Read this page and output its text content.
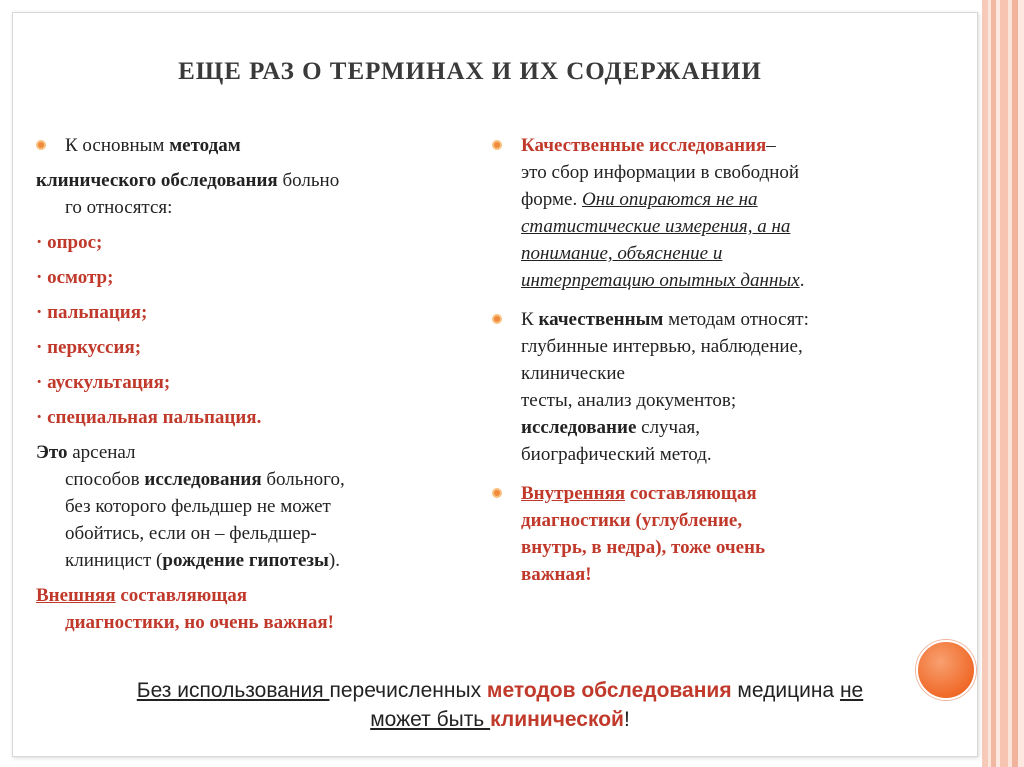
ЕЩЕ РАЗ О ТЕРМИНАХ И ИХ СОДЕРЖАНИИ
К основным методам
клинического обследования больно
го относятся:
· опрос;
· осмотр;
· пальпация;
· перкуссия;
· аускультация;
· специальная пальпация.
Это арсенал
способов исследования больного,
без которого фельдшер не может
обойтись, если он – фельдшер-
клиницист (рождение гипотезы).
Внешняя составляющая
диагностики, но очень важная!
Качественные исследования–
это сбор информации в свободной
форме. Они опираются не на
статистические измерения, а на
понимание, объяснение и
интерпретацию опытных данных.
К качественным методам относят:
глубинные интервью, наблюдение,
клинические
тесты, анализ документов;
исследование случая,
биографический метод.
Внутренняя составляющая
диагностики (углубление,
внутрь, в недра), тоже очень
важная!
Без использования перечисленных методов обследования медицина не
может быть клинической!
